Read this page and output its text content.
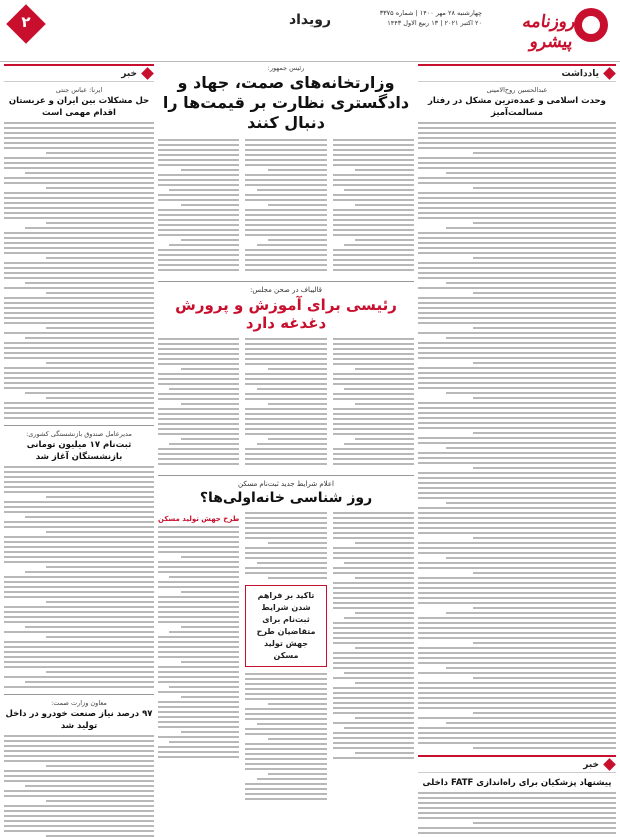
روزنامه پیشرو
چهارشنبه ۲۸ مهر ۱۴۰۰ | شماره ۳۳۷۵
۲۰ اکتبر ۲۰۲۱ | ۱۳ ربیع الاول ۱۴۴۳
رویداد
۲
یادداشت
عبدالحسین روح‌الامینی
وحدت اسلامی و عمده‌ترین مشکل در رفتار مسالمت‌آمیز
خبر
پیشنهاد پزشکیان برای راه‌اندازی FATF داخلی
خبر
ایرنا: عباس جنتی
حل مشکلات بین ایران و عربستان اقدام مهمی است
مدیرعامل صندوق بازنشستگی کشوری:
ثبت‌نام ۱۷ میلیون تومانی بازنشستگان آغاز شد
معاون وزارت صمت:
۹۷ درصد نیاز صنعت خودرو در داخل تولید شد
رئیس جمهور:
وزارتخانه‌های صمت، جهاد و دادگستری نظارت بر قیمت‌ها را دنبال کنند
قالیباف در صحن مجلس:
رئیسی برای آموزش و پرورش دغدغه دارد
اعلام شرایط جدید ثبت‌نام مسکن
روز شناسی خانه‌اولی‌ها؟
تاکید بر فراهم شدن شرایط ثبت‌نام برای متقاضیان طرح جهش تولید مسکن
طرح جهش تولید مسکن
